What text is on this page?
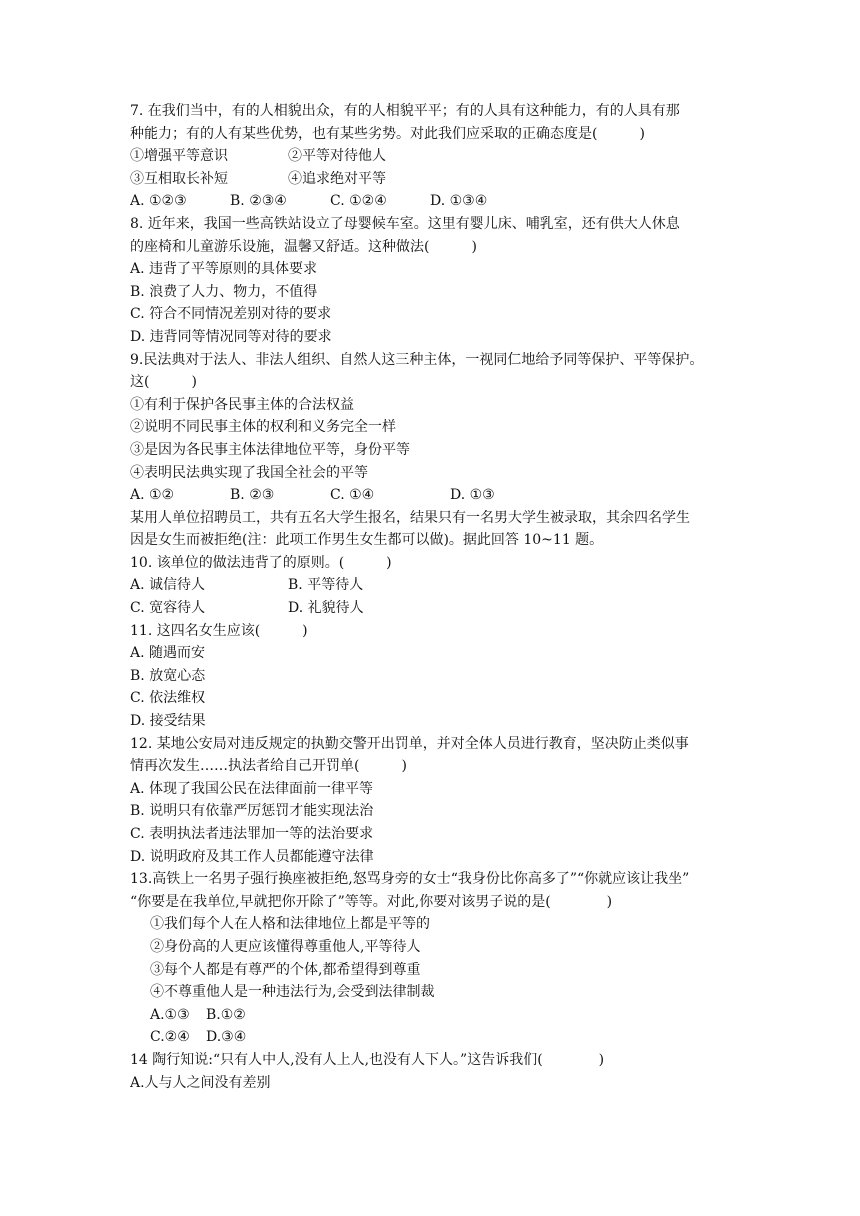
7. 在我们当中，有的人相貌出众，有的人相貌平平；有的人具有这种能力，有的人具有那
种能力；有的人有某些优势，也有某些劣势。对此我们应采取的正确态度是(　　　)
①增强平等意识	②平等对待他人
③互相取长补短	④追求绝对平等
A. ①②③	B. ②③④	C. ①②④	D. ①③④
8. 近年来，我国一些高铁站设立了母婴候车室。这里有婴儿床、哺乳室，还有供大人休息
的座椅和儿童游乐设施，温馨又舒适。这种做法(　　　)
A. 违背了平等原则的具体要求
B. 浪费了人力、物力，不值得
C. 符合不同情况差别对待的要求
D. 违背同等情况同等对待的要求
9.民法典对于法人、非法人组织、自然人这三种主体，一视同仁地给予同等保护、平等保护。
这(　　　)
①有利于保护各民事主体的合法权益
②说明不同民事主体的权利和义务完全一样
③是因为各民事主体法律地位平等，身份平等
④表明民法典实现了我国全社会的平等
A. ①②	B. ②③	C. ①④	D. ①③
某用人单位招聘员工，共有五名大学生报名，结果只有一名男大学生被录取，其余四名学生
因是女生而被拒绝(注：此项工作男生女生都可以做)。据此回答 10~11 题。
10. 该单位的做法违背了的原则。(　　　)
A. 诚信待人	B. 平等待人
C. 宽容待人	D. 礼貌待人
11. 这四名女生应该(　　　)
A. 随遇而安
B. 放宽心态
C. 依法维权
D. 接受结果
12. 某地公安局对违反规定的执勤交警开出罚单，并对全体人员进行教育，坚决防止类似事
情再次发生……执法者给自己开罚单(　　　)
A. 体现了我国公民在法律面前一律平等
B. 说明只有依靠严厉惩罚才能实现法治
C. 表明执法者违法罪加一等的法治要求
D. 说明政府及其工作人员都能遵守法律
13.高铁上一名男子强行换座被拒绝,怒骂身旁的女士“我身份比你高多了”“你就应该让我坐”
“你要是在我单位,早就把你开除了”等等。对此,你要对该男子说的是(　　　　)
①我们每个人在人格和法律地位上都是平等的
②身份高的人更应该懂得尊重他人,平等待人
③每个人都是有尊严的个体,都希望得到尊重
④不尊重他人是一种违法行为,会受到法律制裁
A.①③	B.①②
C.②④	D.③④
14 陶行知说:“只有人中人,没有人上人,也没有人下人。”这告诉我们(　　　　)
A.人与人之间没有差别
